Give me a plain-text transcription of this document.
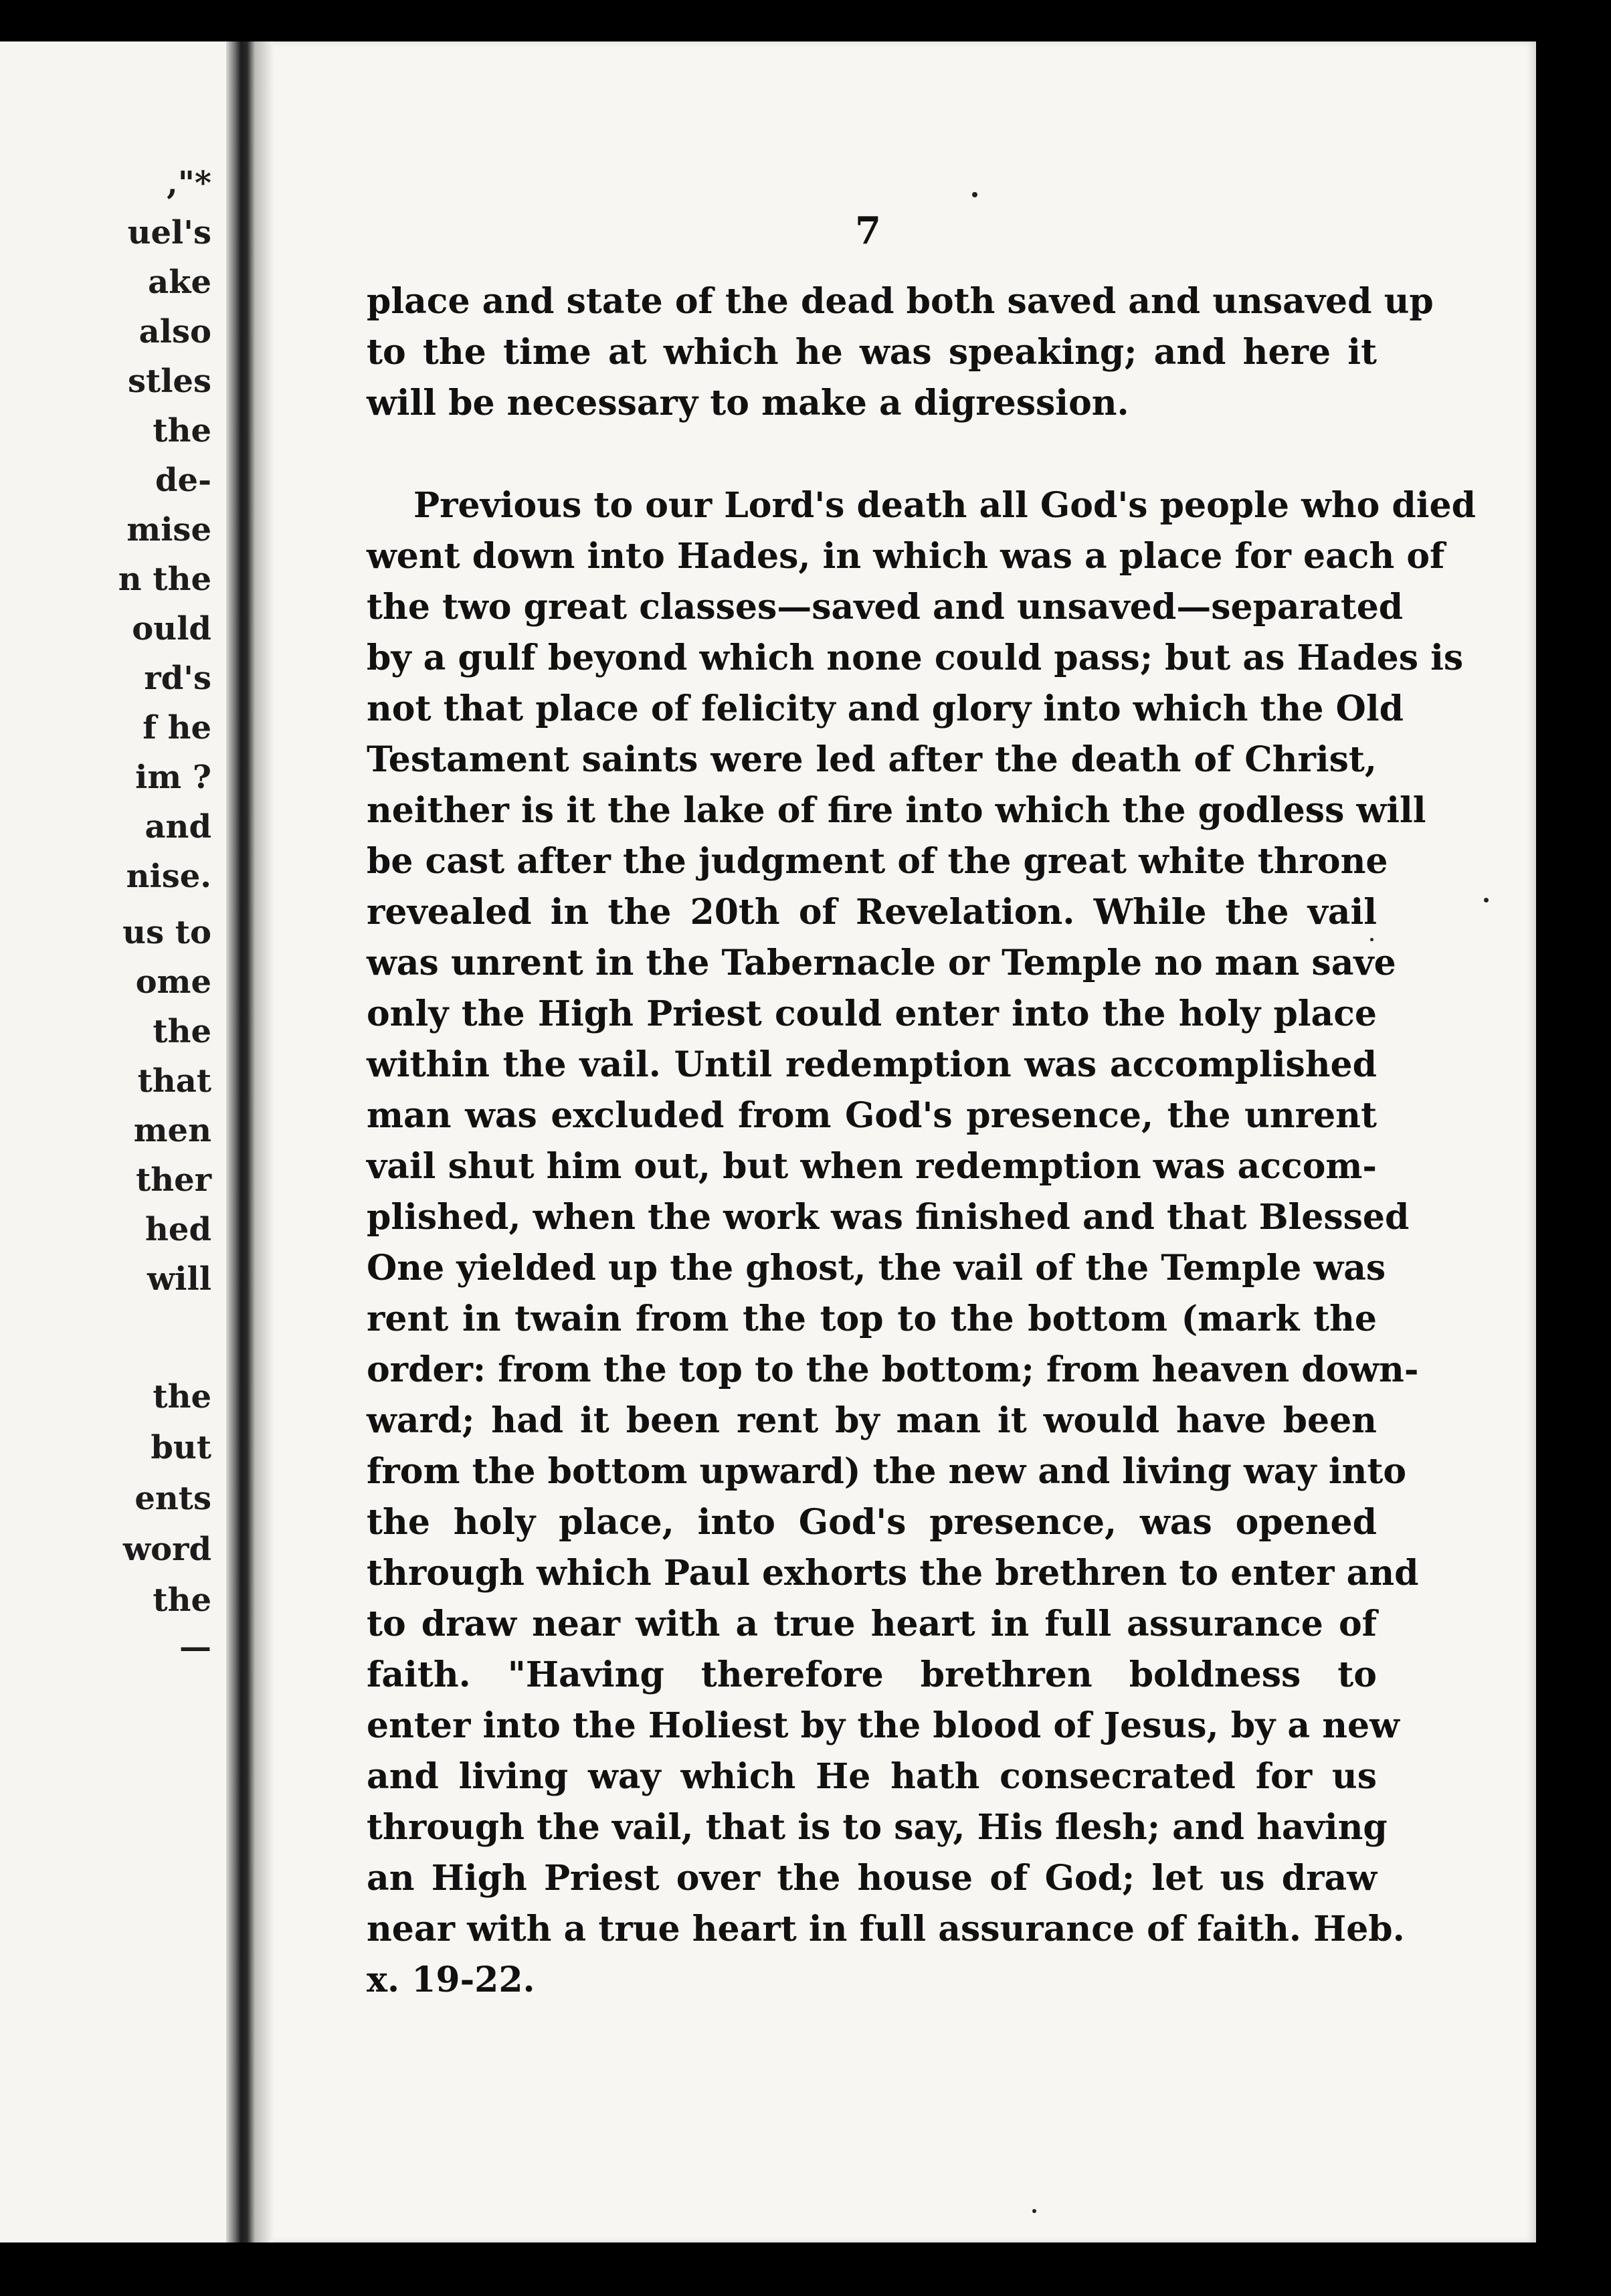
,"*
uel's
ake
also
stles
the
de-
mise
n the
ould
rd's
f he
im ?
and
nise.
us to
ome
the
that
men
ther
hed
will
the
but
ents
word
the
—
7
place and state of the dead both saved and unsaved up
to the time at which he was speaking; and here it
will be necessary to make a digression.
Previous to our Lord's death all God's people who died
went down into Hades, in which was a place for each of
the two great classes—saved and unsaved—separated
by a gulf beyond which none could pass; but as Hades is
not that place of felicity and glory into which the Old
Testament saints were led after the death of Christ,
neither is it the lake of fire into which the godless will
be cast after the judgment of the great white throne
revealed in the 20th of Revelation. While the vail
was unrent in the Tabernacle or Temple no man save
only the High Priest could enter into the holy place
within the vail. Until redemption was accomplished
man was excluded from God's presence, the unrent
vail shut him out, but when redemption was accom-
plished, when the work was finished and that Blessed
One yielded up the ghost, the vail of the Temple was
rent in twain from the top to the bottom (mark the
order: from the top to the bottom; from heaven down-
ward; had it been rent by man it would have been
from the bottom upward) the new and living way into
the holy place, into God's presence, was opened
through which Paul exhorts the brethren to enter and
to draw near with a true heart in full assurance of
faith. "Having therefore brethren boldness to
enter into the Holiest by the blood of Jesus, by a new
and living way which He hath consecrated for us
through the vail, that is to say, His flesh; and having
an High Priest over the house of God; let us draw
near with a true heart in full assurance of faith. Heb.
x. 19-22.
